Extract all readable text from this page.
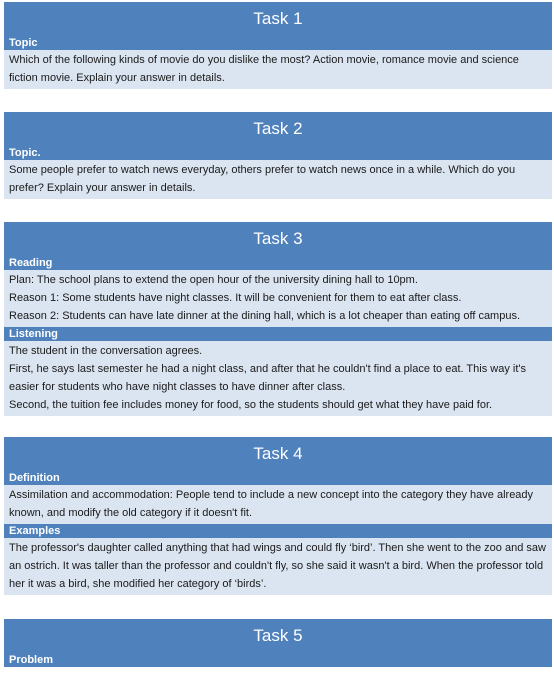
Task 1
Topic

Which of the following kinds of movie do you dislike the most? Action movie, romance movie and science fiction movie. Explain your answer in details.

Task 2
Topic.

Some people prefer to watch news everyday, others prefer to watch news once in a while. Which do you prefer? Explain your answer in details.

Task 3
Reading

Plan: The school plans to extend the open hour of the university dining hall to 10pm.

Reason 1: Some students have night classes. It will be convenient for them to eat after class.

Reason 2: Students can have late dinner at the dining hall, which is a lot cheaper than eating off campus.

Listening

The student in the conversation agrees.

First, he says last semester he had a night class, and after that he couldn't find a place to eat. This way it's easier for students who have night classes to have dinner after class.

Second, the tuition fee includes money for food, so the students should get what they have paid for.

Task 4
Definition

Assimilation and accommodation: People tend to include a new concept into the category they have already known, and modify the old category if it doesn't fit.

Examples

The professor's daughter called anything that had wings and could fly ‘bird’. Then she went to the zoo and saw an ostrich. It was taller than the professor and couldn't fly, so she said it wasn't a bird. When the professor told her it was a bird, she modified her category of ‘birds’.

Task 5
Problem
